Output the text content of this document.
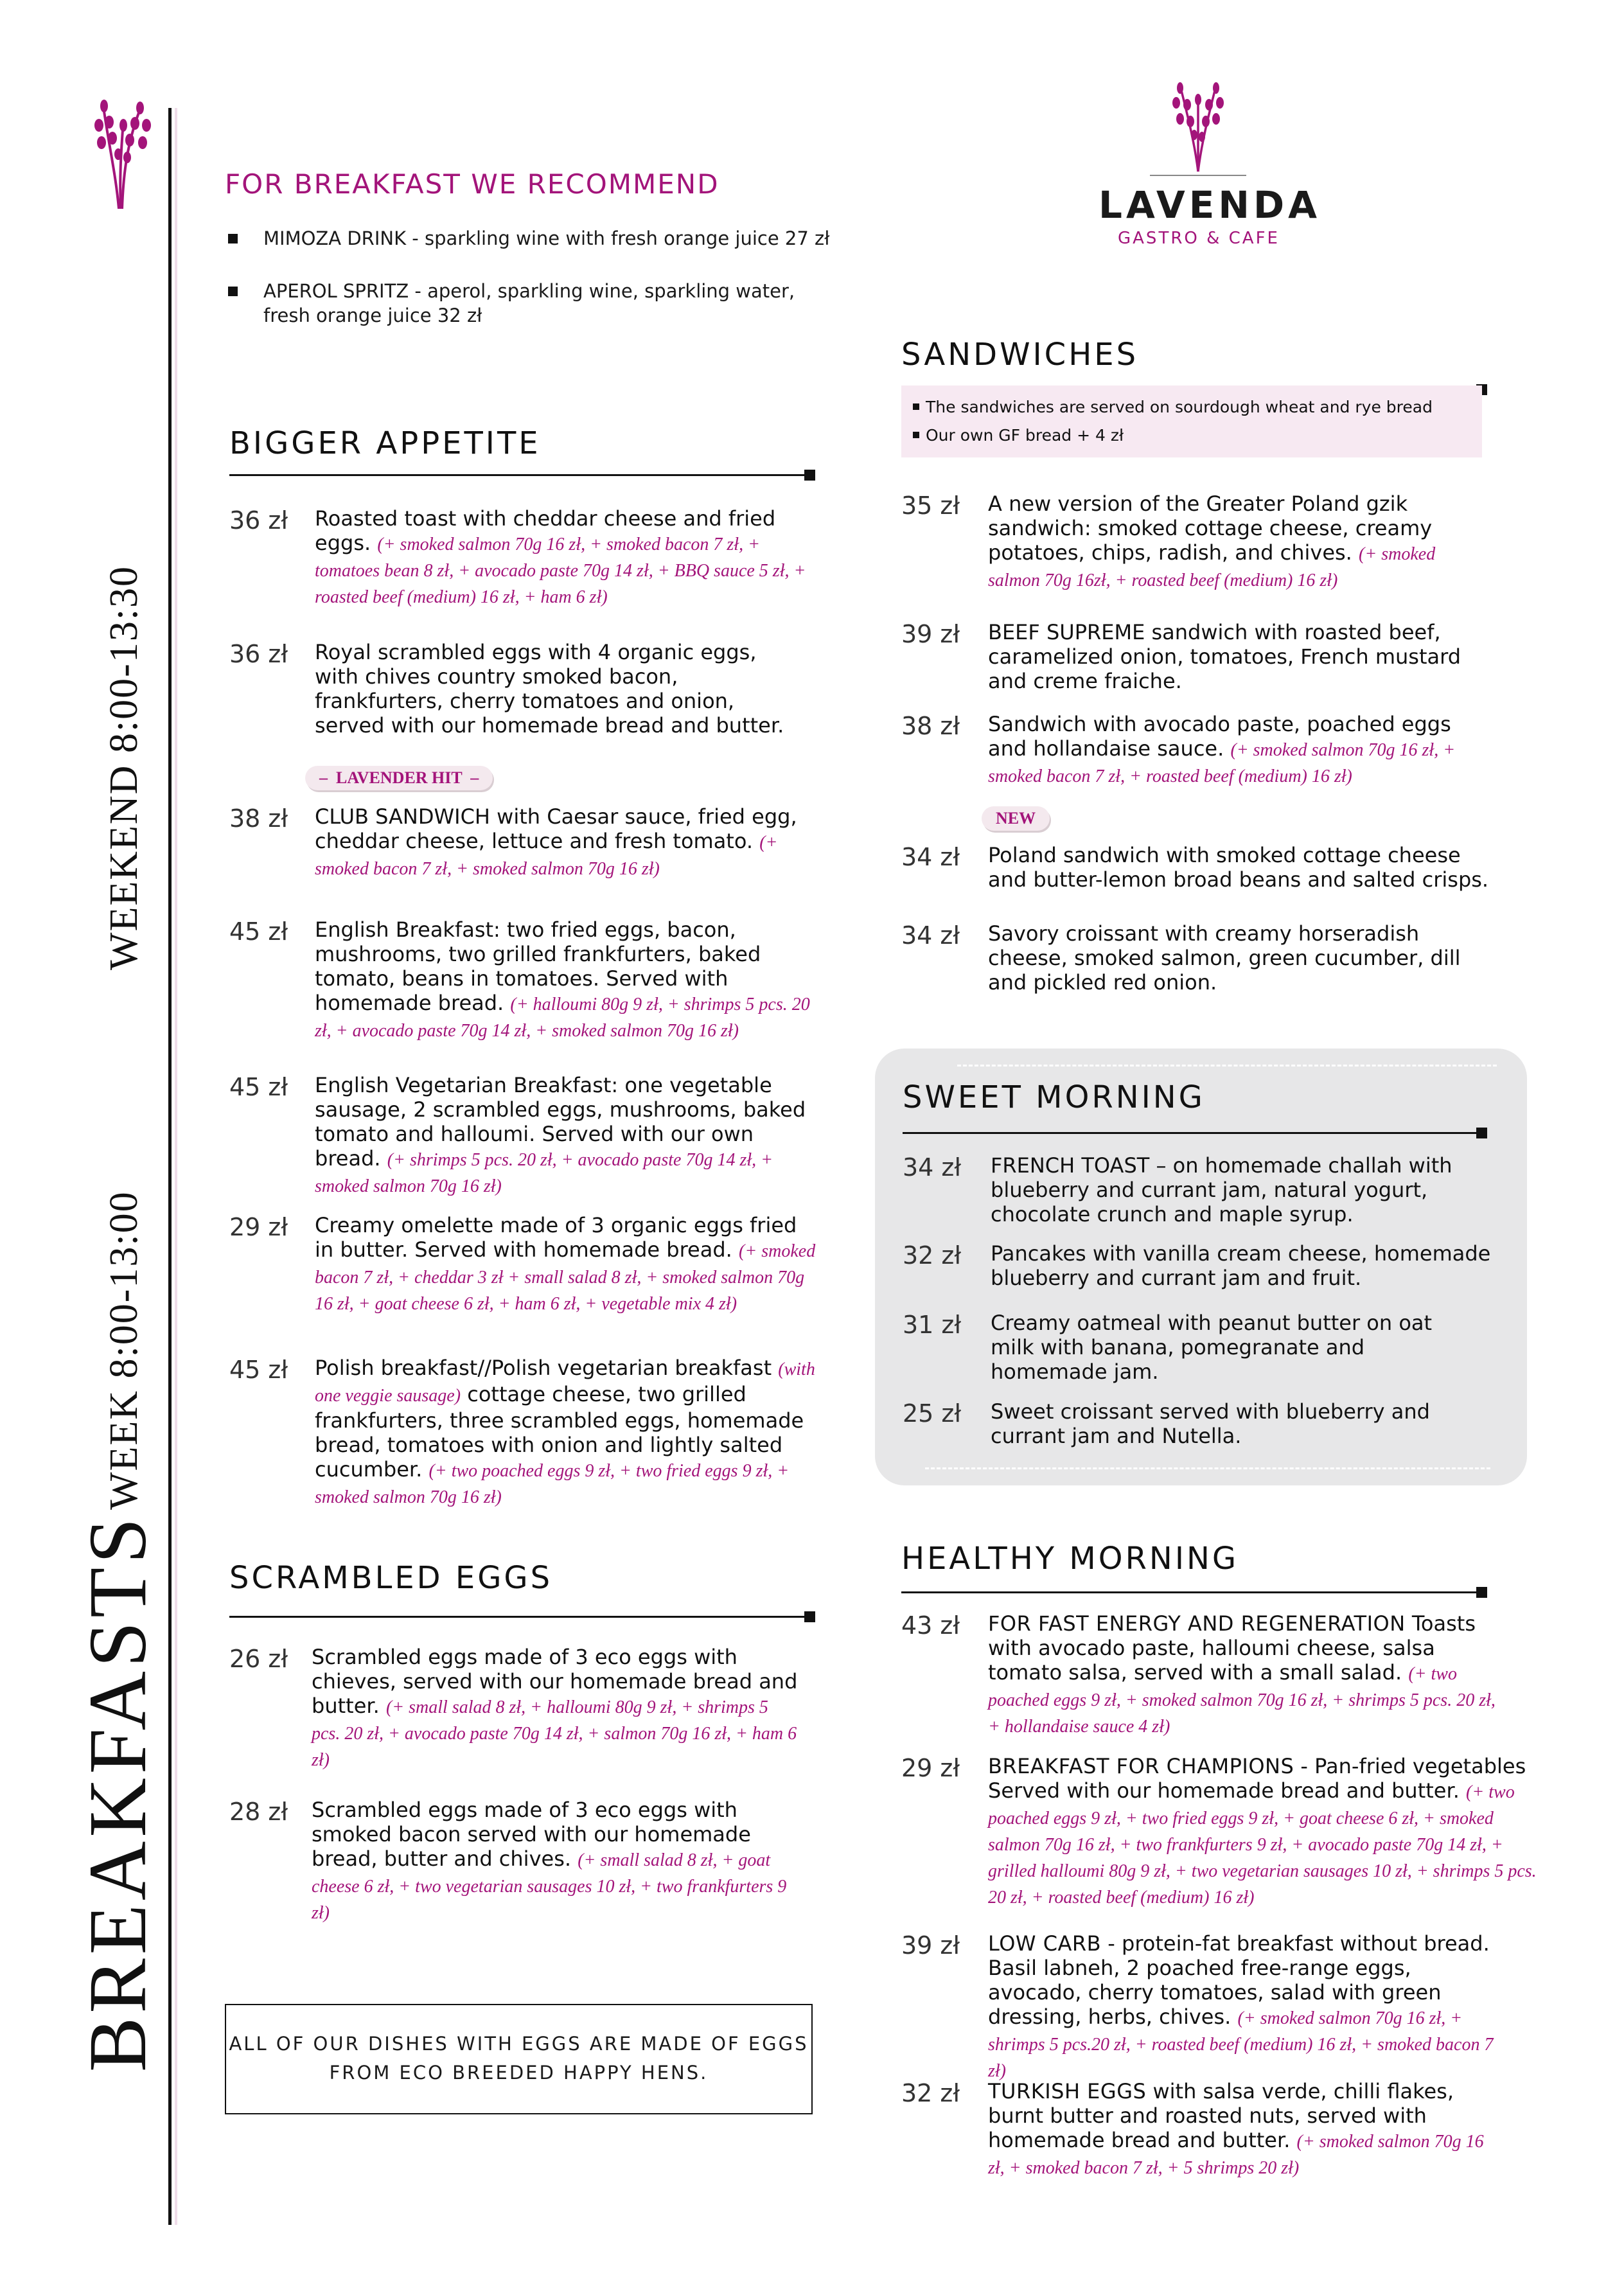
BREAKFASTS
WEEK 8:00-13:00
WEEKEND 8:00-13:30
LAVENDA
GASTRO & CAFE
FOR BREAKFAST WE RECOMMEND
MIMOZA DRINK - sparkling wine with fresh orange juice 27 zł
APEROL SPRITZ - aperol, sparkling wine, sparkling water, fresh orange juice 32 zł
BIGGER APPETITE
36 zł Roasted toast with cheddar cheese and fried eggs. (+ smoked salmon 70g 16 zł, + smoked bacon 7 zł, + tomatoes bean 8 zł, + avocado paste 70g 14 zł, + BBQ sauce 5 zł, + roasted beef (medium) 16 zł, + ham 6 zł)
36 zł Royal scrambled eggs with 4 organic eggs, with chives country smoked bacon, frankfurters, cherry tomatoes and onion, served with our homemade bread and butter.
–  LAVENDER HIT  –
38 zł CLUB SANDWICH with Caesar sauce, fried egg, cheddar cheese, lettuce and fresh tomato. (+ smoked bacon 7 zł, + smoked salmon 70g 16 zł)
45 zł English Breakfast: two fried eggs, bacon, mushrooms, two grilled frankfurters, baked tomato, beans in tomatoes. Served with homemade bread. (+ halloumi 80g 9 zł, + shrimps 5 pcs. 20 zł, + avocado paste 70g 14 zł, + smoked salmon 70g 16 zł)
45 zł English Vegetarian Breakfast: one vegetable sausage, 2 scrambled eggs, mushrooms, baked tomato and halloumi. Served with our own bread. (+ shrimps 5 pcs. 20 zł, + avocado paste 70g 14 zł, + smoked salmon 70g 16 zł)
29 zł Creamy omelette made of 3 organic eggs fried in butter. Served with homemade bread. (+ smoked bacon 7 zł, + cheddar 3 zł + small salad 8 zł, + smoked salmon 70g 16 zł, + goat cheese 6 zł, + ham 6 zł, + vegetable mix 4 zł)
45 zł Polish breakfast//Polish vegetarian breakfast (with one veggie sausage) cottage cheese, two grilled frankfurters, three scrambled eggs, homemade bread, tomatoes with onion and lightly salted cucumber. (+ two poached eggs 9 zł, + two fried eggs 9 zł, + smoked salmon 70g 16 zł)
SCRAMBLED EGGS
26 zł Scrambled eggs made of 3 eco eggs with chieves, served with our homemade bread and butter. (+ small salad 8 zł, + halloumi 80g 9 zł, + shrimps 5 pcs. 20 zł, + avocado paste 70g 14 zł, + salmon 70g 16 zł, + ham 6 zł)
28 zł Scrambled eggs made of 3 eco eggs with smoked bacon served with our homemade bread, butter and chives. (+ small salad 8 zł, + goat cheese 6 zł, + two vegetarian sausages 10 zł, + two frankfurters 9 zł)
ALL OF OUR DISHES WITH EGGS ARE MADE OF EGGS FROM ECO BREEDED HAPPY HENS.
SANDWICHES
The sandwiches are served on sourdough wheat and rye bread
Our own GF bread + 4 zł
35 zł A new version of the Greater Poland gzik sandwich: smoked cottage cheese, creamy potatoes, chips, radish, and chives. (+ smoked salmon 70g 16zł, + roasted beef (medium) 16 zł)
39 zł BEEF SUPREME sandwich with roasted beef, caramelized onion, tomatoes, French mustard and creme fraiche.
38 zł Sandwich with avocado paste, poached eggs and hollandaise sauce. (+ smoked salmon 70g 16 zł, + smoked bacon 7 zł, + roasted beef (medium) 16 zł)
NEW
34 zł Poland sandwich with smoked cottage cheese and butter-lemon broad beans and salted crisps.
34 zł Savory croissant with creamy horseradish cheese, smoked salmon, green cucumber, dill and pickled red onion.
SWEET MORNING
34 zł FRENCH TOAST – on homemade challah with blueberry and currant jam, natural yogurt, chocolate crunch and maple syrup.
32 zł Pancakes with vanilla cream cheese, homemade blueberry and currant jam and fruit.
31 zł Creamy oatmeal with peanut butter on oat milk with banana, pomegranate and homemade jam.
25 zł Sweet croissant served with blueberry and currant jam and Nutella.
HEALTHY MORNING
43 zł FOR FAST ENERGY AND REGENERATION Toasts with avocado paste, halloumi cheese, salsa tomato salsa, served with a small salad. (+ two poached eggs 9 zł, + smoked salmon 70g 16 zł, + shrimps 5 pcs. 20 zł, + hollandaise sauce 4 zł)
29 zł BREAKFAST FOR CHAMPIONS - Pan-fried vegetables Served with our homemade bread and butter. (+ two poached eggs 9 zł, + two fried eggs 9 zł, + goat cheese 6 zł, + smoked salmon 70g 16 zł, + two frankfurters 9 zł, + avocado paste 70g 14 zł, + grilled halloumi 80g 9 zł, + two vegetarian sausages 10 zł, + shrimps 5 pcs. 20 zł, + roasted beef (medium) 16 zł)
39 zł LOW CARB - protein-fat breakfast without bread. Basil labneh, 2 poached free-range eggs, avocado, cherry tomatoes, salad with green dressing, herbs, chives. (+ smoked salmon 70g 16 zł, + shrimps 5 pcs.20 zł, + roasted beef (medium) 16 zł, + smoked bacon 7 zł)
32 zł TURKISH EGGS with salsa verde, chilli flakes, burnt butter and roasted nuts, served with homemade bread and butter. (+ smoked salmon 70g 16 zł, + smoked bacon 7 zł, + 5 shrimps 20 zł)
